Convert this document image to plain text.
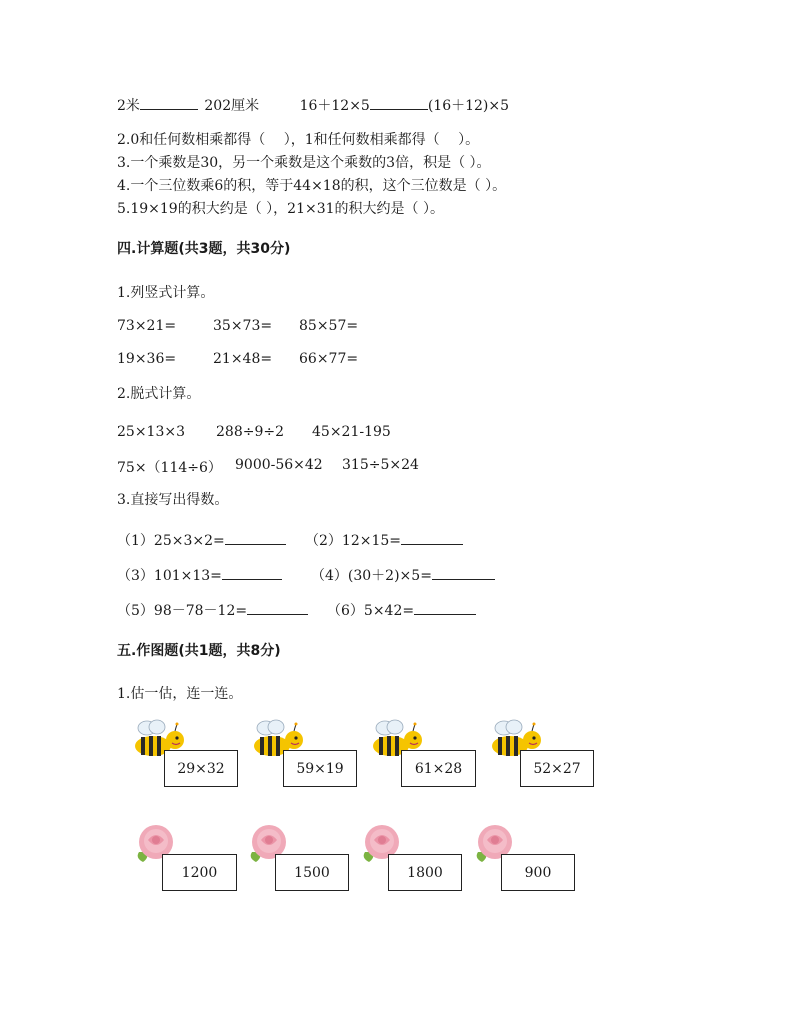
2米	202厘米	16＋12×5	(16＋12)×5
2.0和任何数相乘都得（　 ），1和任何数相乘都得（　 ）。
3.一个乘数是30，另一个乘数是这个乘数的3倍，积是（ ）。
4.一个三位数乘6的积，等于44×18的积，这个三位数是（ ）。
5.19×19的积大约是（ ），21×31的积大约是（ ）。
四.计算题(共3题，共30分)
1.列竖式计算。
73×21=	35×73= 85×57=
19×36=	21×48= 66×77=
2.脱式计算。
25×13×3 288÷9÷2 45×21-195
75×（114÷6） 9000-56×42 315÷5×24
3.直接写出得数。
（1）25×3×2=	（2）12×15=
（3）101×13=	（4）(30＋2)×5=
（5）98－78－12=	（6）5×42=
五.作图题(共1题，共8分)
1.估一估，连一连。
29×32	59×19	61×28	52×27
1200	1500	1800	900
